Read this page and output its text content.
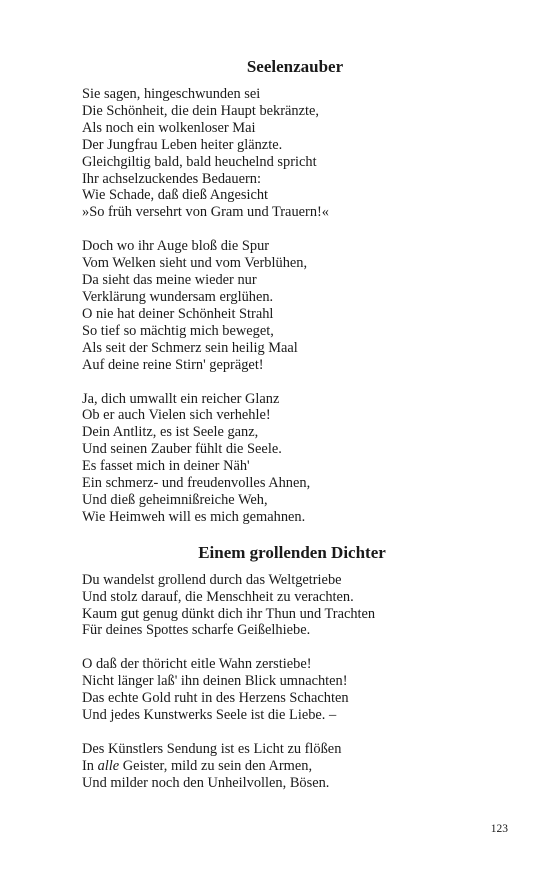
Seelenzauber
Sie sagen, hingeschwunden sei
Die Schönheit, die dein Haupt bekränzte,
Als noch ein wolkenloser Mai
Der Jungfrau Leben heiter glänzte.
Gleichgiltig bald, bald heuchelnd spricht
Ihr achselzuckendes Bedauern:
Wie Schade, daß dieß Angesicht
»So früh versehrt von Gram und Trauern!«
Doch wo ihr Auge bloß die Spur
Vom Welken sieht und vom Verblühen,
Da sieht das meine wieder nur
Verklärung wundersam erglühen.
O nie hat deiner Schönheit Strahl
So tief so mächtig mich beweget,
Als seit der Schmerz sein heilig Maal
Auf deine reine Stirn' gepräget!
Ja, dich umwallt ein reicher Glanz
Ob er auch Vielen sich verhehle!
Dein Antlitz, es ist Seele ganz,
Und seinen Zauber fühlt die Seele.
Es fasset mich in deiner Näh'
Ein schmerz- und freudenvolles Ahnen,
Und dieß geheimnißreiche Weh,
Wie Heimweh will es mich gemahnen.
Einem grollenden Dichter
Du wandelst grollend durch das Weltgetriebe
Und stolz darauf, die Menschheit zu verachten.
Kaum gut genug dünkt dich ihr Thun und Trachten
Für deines Spottes scharfe Geißelhiebe.
O daß der thöricht eitle Wahn zerstiebe!
Nicht länger laß' ihn deinen Blick umnachten!
Das echte Gold ruht in des Herzens Schachten
Und jedes Kunstwerks Seele ist die Liebe. –
Des Künstlers Sendung ist es Licht zu flößen
In alle Geister, mild zu sein den Armen,
Und milder noch den Unheilvollen, Bösen.
123
